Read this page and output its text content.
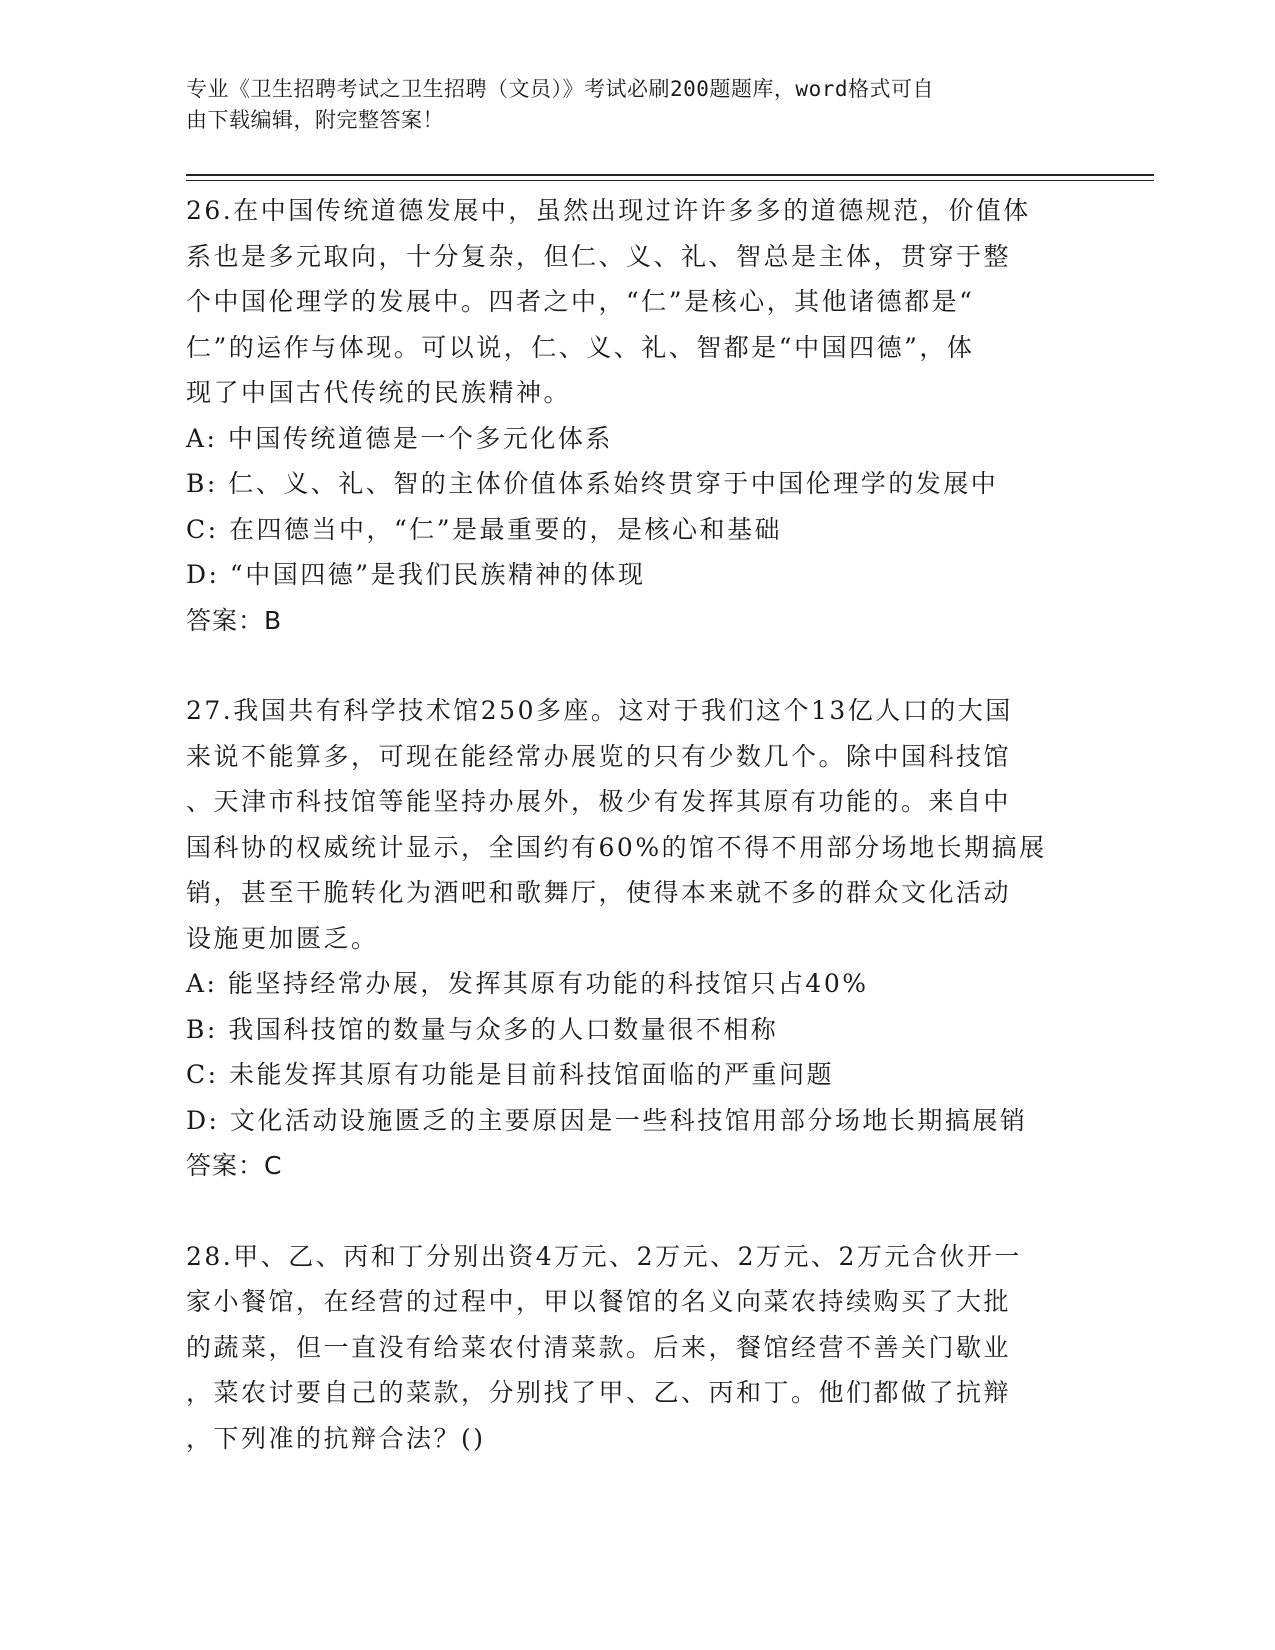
专业《卫生招聘考试之卫生招聘（文员）》考试必刷200题题库，word格式可自
由下载编辑，附完整答案！
26.在中国传统道德发展中，虽然出现过许许多多的道德规范，价值体
系也是多元取向，十分复杂，但仁、义、礼、智总是主体，贯穿于整
个中国伦理学的发展中。四者之中，“仁”是核心，其他诸德都是“
仁”的运作与体现。可以说，仁、义、礼、智都是“中国四德”，体
现了中国古代传统的民族精神。
A: 中国传统道德是一个多元化体系
B: 仁、义、礼、智的主体价值体系始终贯穿于中国伦理学的发展中
C: 在四德当中，“仁”是最重要的，是核心和基础
D: “中国四德”是我们民族精神的体现
答案：B
27.我国共有科学技术馆250多座。这对于我们这个13亿人口的大国
来说不能算多，可现在能经常办展览的只有少数几个。除中国科技馆
、天津市科技馆等能坚持办展外，极少有发挥其原有功能的。来自中
国科协的权威统计显示，全国约有60%的馆不得不用部分场地长期搞展
销，甚至干脆转化为酒吧和歌舞厅，使得本来就不多的群众文化活动
设施更加匮乏。
A: 能坚持经常办展，发挥其原有功能的科技馆只占40%
B: 我国科技馆的数量与众多的人口数量很不相称
C: 未能发挥其原有功能是目前科技馆面临的严重问题
D: 文化活动设施匮乏的主要原因是一些科技馆用部分场地长期搞展销
答案：C
28.甲、乙、丙和丁分别出资4万元、2万元、2万元、2万元合伙开一
家小餐馆，在经营的过程中，甲以餐馆的名义向菜农持续购买了大批
的蔬菜，但一直没有给菜农付清菜款。后来，餐馆经营不善关门歇业
，菜农讨要自己的菜款，分别找了甲、乙、丙和丁。他们都做了抗辩
，下列准的抗辩合法？()
